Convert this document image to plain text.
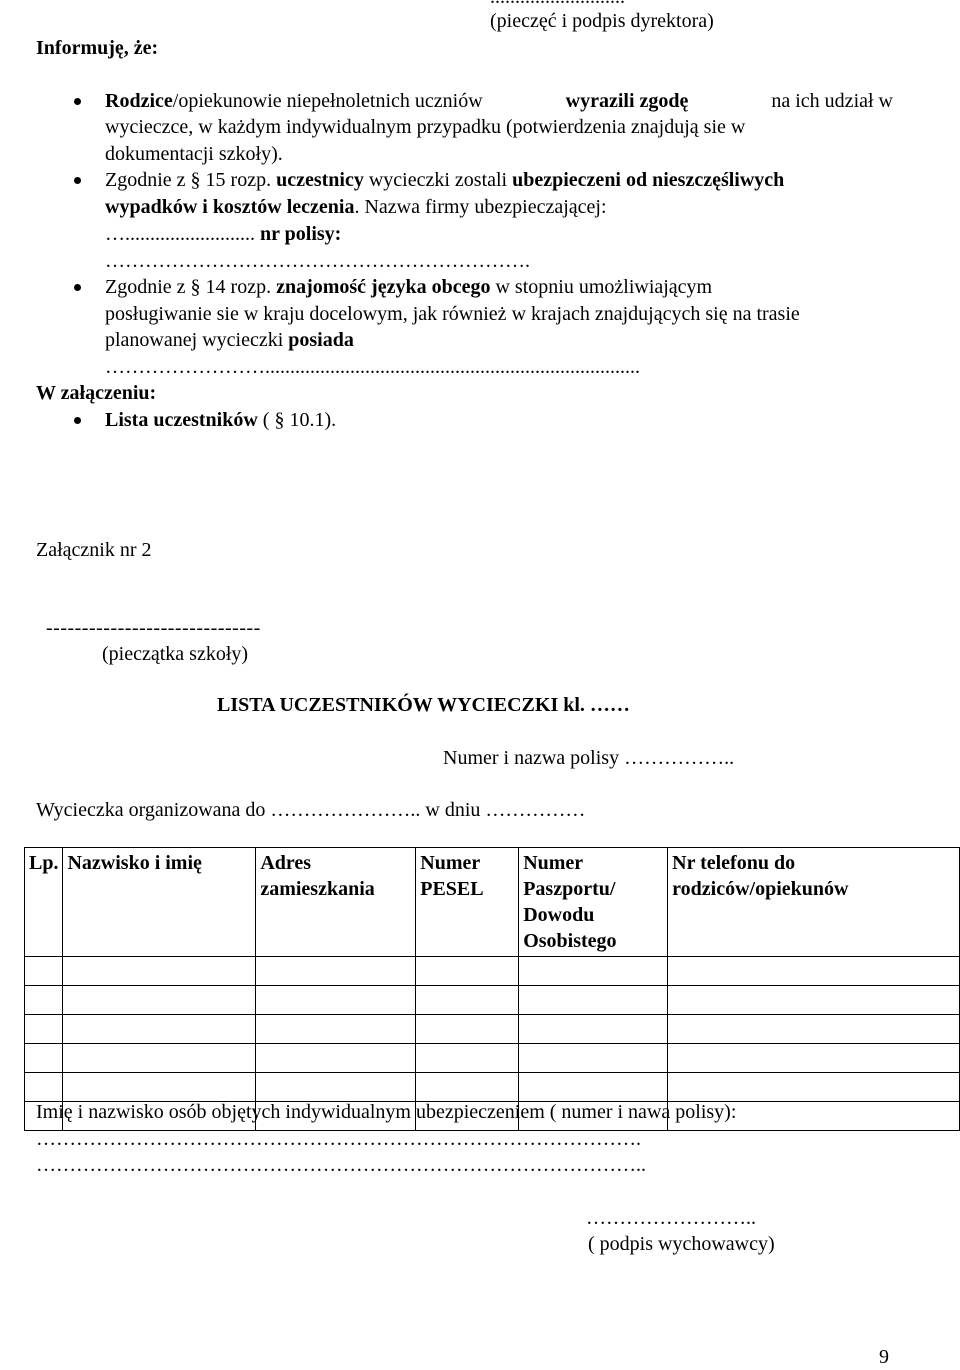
(pieczęć i podpis dyrektora)
Informuję, że:
Rodzice/opiekunowie niepełnoletnich uczniów	wyrazili zgodę	na ich udział w
wycieczce, w każdym indywidualnym przypadku (potwierdzenia znajdują sie w
dokumentacji szkoły).
Zgodnie z § 15 rozp. uczestnicy wycieczki zostali ubezpieczeni od nieszczęśliwych
wypadków i kosztów leczenia. Nazwa firmy ubezpieczającej:
….......................... nr polisy:
……………………………………………………….
Zgodnie z § 14 rozp. znajomość języka obcego w stopniu umożliwiającym
posługiwanie sie w kraju docelowym, jak również w krajach znajdujących się na trasie
planowanej wycieczki posiada
……………………...........................................................................
W załączeniu:
Lista uczestników ( § 10.1).
Załącznik nr 2
------------------------------
(pieczątka szkoły)
LISTA UCZESTNIKÓW WYCIECZKI kl. ……
Numer i nazwa polisy ……………..
Wycieczka organizowana do ………………….. w dniu ……………
Lp.	Nazwisko i imię	Adres zamieszkania	Numer PESEL	Numer Paszportu/ Dowodu Osobistego	Nr telefonu do rodziców/opiekunów

Imię i nazwisko osób objętych indywidualnym ubezpieczeniem ( numer i nawa polisy):
……………………………………………………………………………….
………………………………………………………………………………..
……………………..
( podpis wychowawcy)
9
